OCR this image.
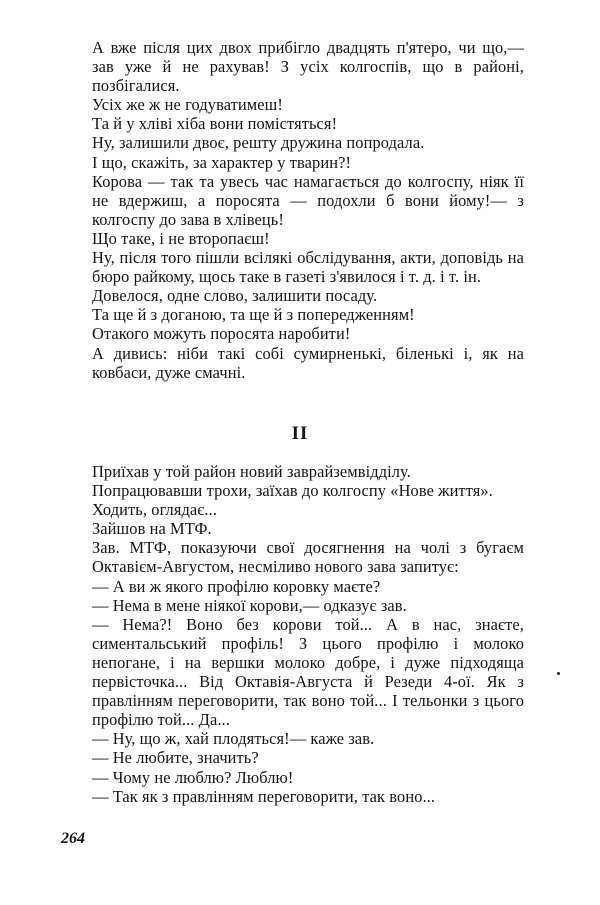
А вже після цих двох прибігло двадцять п'ятеро, чи що,— зав уже й не рахував! З усіх колгоспів, що в районі, позбігалися.

Усіх же ж не годуватимеш!

Та й у хліві хіба вони помістяться!

Ну, залишили двоє, решту дружина попродала.

І що, скажіть, за характер у тварин?!

Корова — так та увесь час намагається до колгоспу, ніяк її не вдержиш, а поросята — подохли б вони йому!— з колгоспу до зава в хлівець!

Що таке, і не второпаєш!

Ну, після того пішли всілякі обслідування, акти, доповідь на бюро райкому, щось таке в газеті з'явилося і т. д. і т. ін.

Довелося, одне слово, залишити посаду.

Та ще й з доганою, та ще й з попередженням!

Отакого можуть поросята наробити!

А дивись: ніби такі собі сумирненькі, біленькі і, як на ковбаси, дуже смачні.

II

Приїхав у той район новий заврайземвідділу.

Попрацювавши трохи, заїхав до колгоспу «Нове життя».

Ходить, оглядає...

Зайшов на МТФ.

Зав. МТФ, показуючи свої досягнення на чолі з бугаєм Октавієм-Августом, несміливо нового зава запитує:

— А ви ж якого профілю коровку маєте?

— Нема в мене ніякої корови,— одказує зав.

— Нема?! Воно без корови той... А в нас, знаєте, симентальський профіль! З цього профілю і молоко непогане, і на вершки молоко добре, і дуже підходяща первісточка... Від Октавія-Августа й Резеди 4-ої. Як з правлінням переговорити, так воно той... І тельонки з цього профілю той... Да...

— Ну, що ж, хай плодяться!— каже зав.

— Не любите, значить?

— Чому не люблю? Люблю!

— Так як з правлінням переговорити, так воно...

264
